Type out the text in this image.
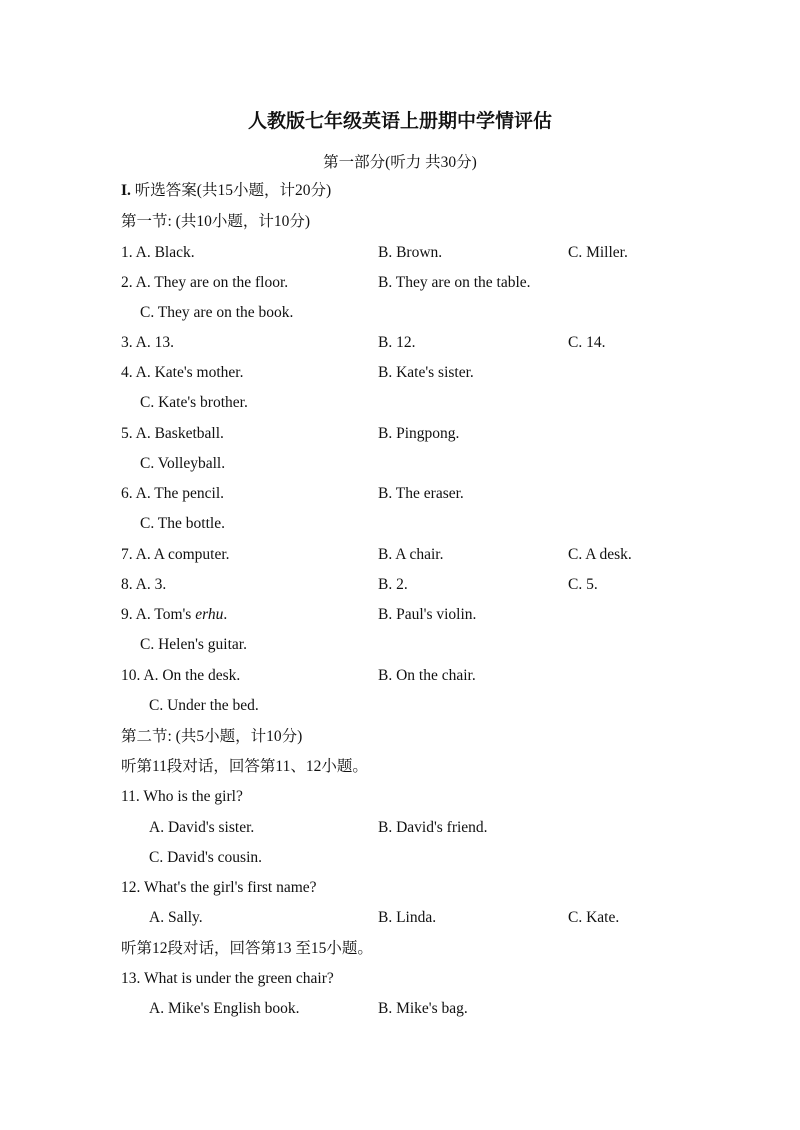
人教版七年级英语上册期中学情评估
第一部分(听力 共30分)
I. 听选答案(共15小题，计20分)
第一节: (共10小题，计10分)
1. A. Black.	B. Brown.	C. Miller.
2. A. They are on the floor.	B. They are on the table.
C. They are on the book.
3. A. 13.	B. 12.	C. 14.
4. A. Kate's mother.	B. Kate's sister.
C. Kate's brother.
5. A. Basketball.	B. Pingpong.
C. Volleyball.
6. A. The pencil.	B. The eraser.
C. The bottle.
7. A. A computer.	B. A chair.	C. A desk.
8. A. 3.	B. 2.	C. 5.
9. A. Tom's erhu.	B. Paul's violin.
C. Helen's guitar.
10. A. On the desk.	B. On the chair.
C. Under the bed.
第二节: (共5小题，计10分)
听第11段对话，回答第11、12小题。
11. Who is the girl?
A. David's sister.	B. David's friend.
C. David's cousin.
12. What's the girl's first name?
A. Sally.	B. Linda.	C. Kate.
听第12段对话，回答第13 至15小题。
13. What is under the green chair?
A. Mike's English book.	B. Mike's bag.
